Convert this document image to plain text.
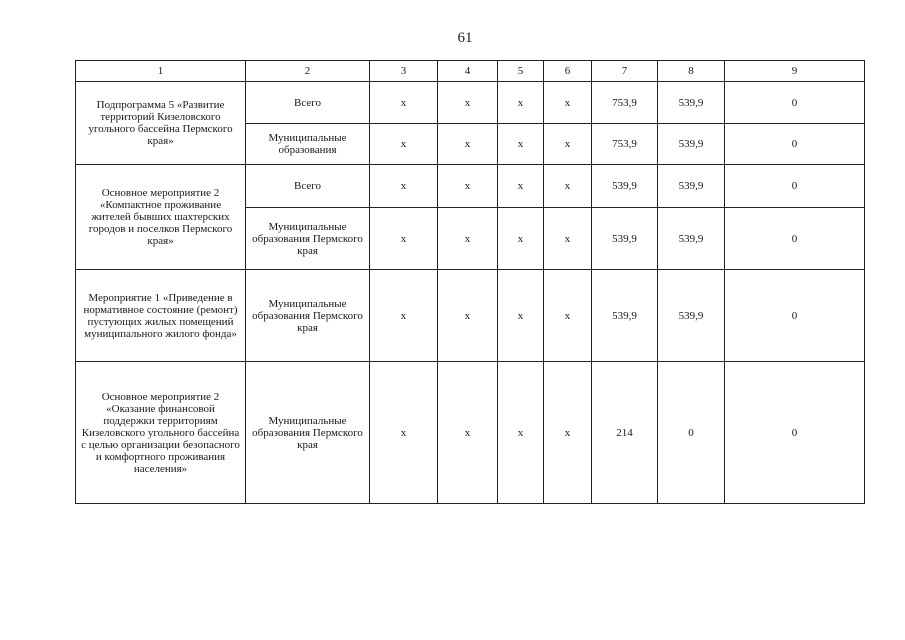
61
1	2	3	4	5	6	7	8	9

Подпрограмма 5 «Развитие территорий Кизеловского угольного бассейна Пермского края»	Всего	x	x	x	x	753,9	539,9	0
	Муниципальные образования	x	x	x	x	753,9	539,9	0

Основное мероприятие 2 «Компактное проживание жителей бывших шахтерских городов и поселков Пермского края»	Всего	x	x	x	x	539,9	539,9	0
	Муниципальные образования Пермского края	x	x	x	x	539,9	539,9	0

Мероприятие 1 «Приведение в нормативное состояние (ремонт) пустующих жилых помещений муниципального жилого фонда»	Муниципальные образования Пермского края	x	x	x	x	539,9	539,9	0

Основное мероприятие 2 «Оказание финансовой поддержки территориям Кизеловского угольного бассейна с целью организации безопасного и комфортного проживания населения»	Муниципальные образования Пермского края	x	x	x	x	214	0	0
